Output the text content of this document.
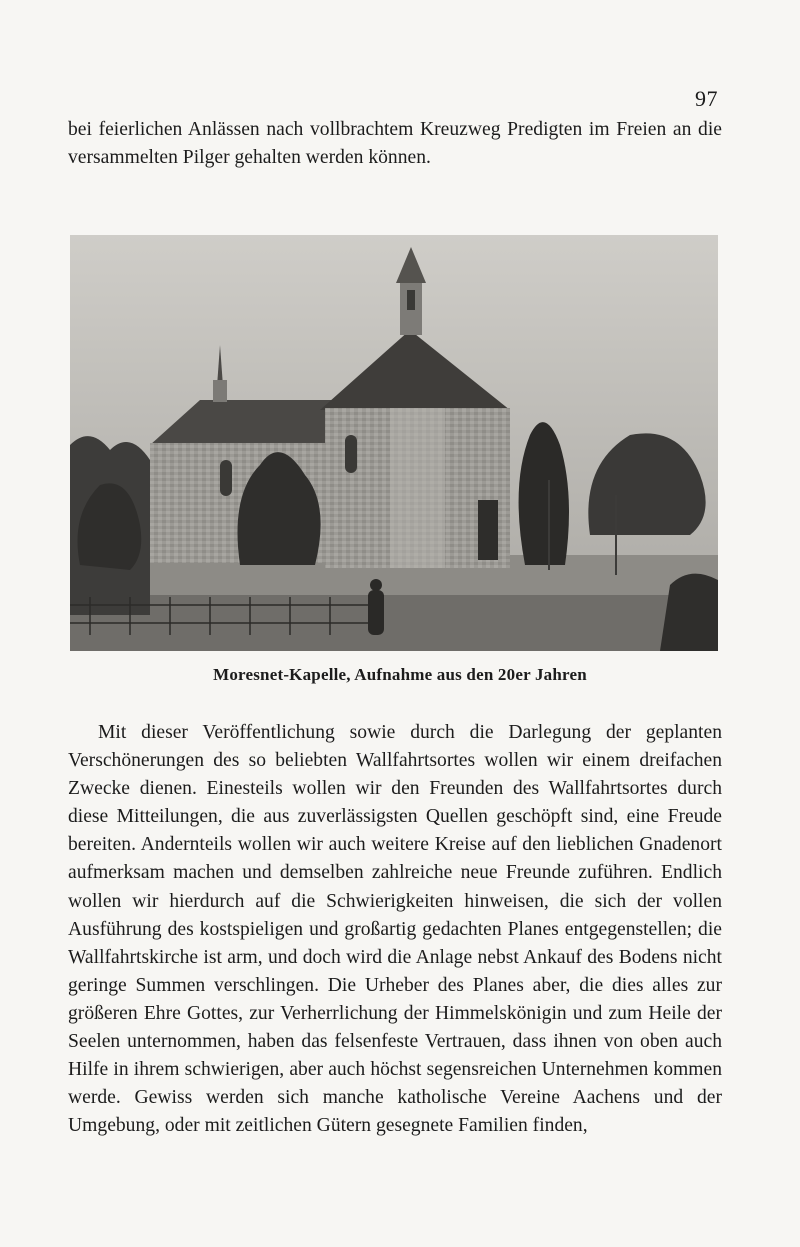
97

bei feierlichen Anlässen nach vollbrachtem Kreuzweg Predigten im Freien an die versammelten Pilger gehalten werden können.

Moresnet-Kapelle, Aufnahme aus den 20er Jahren

Mit dieser Veröffentlichung sowie durch die Darlegung der geplanten Verschönerungen des so beliebten Wallfahrtsortes wollen wir einem dreifachen Zwecke dienen. Einesteils wollen wir den Freunden des Wallfahrtsortes durch diese Mitteilungen, die aus zuverlässigsten Quellen geschöpft sind, eine Freude bereiten. Andernteils wollen wir auch weitere Kreise auf den lieblichen Gnadenort aufmerksam machen und demselben zahlreiche neue Freunde zuführen. Endlich wollen wir hierdurch auf die Schwierigkeiten hinweisen, die sich der vollen Ausführung des kostspieligen und großartig gedachten Planes entgegenstellen; die Wallfahrtskirche ist arm, und doch wird die Anlage nebst Ankauf des Bodens nicht geringe Summen verschlingen. Die Urheber des Planes aber, die dies alles zur größeren Ehre Gottes, zur Verherrlichung der Himmelskönigin und zum Heile der Seelen unternommen, haben das felsenfeste Vertrauen, dass ihnen von oben auch Hilfe in ihrem schwierigen, aber auch höchst segensreichen Unternehmen kommen werde. Gewiss werden sich manche katholische Vereine Aachens und der Umgebung, oder mit zeitlichen Gütern gesegnete Familien finden,
